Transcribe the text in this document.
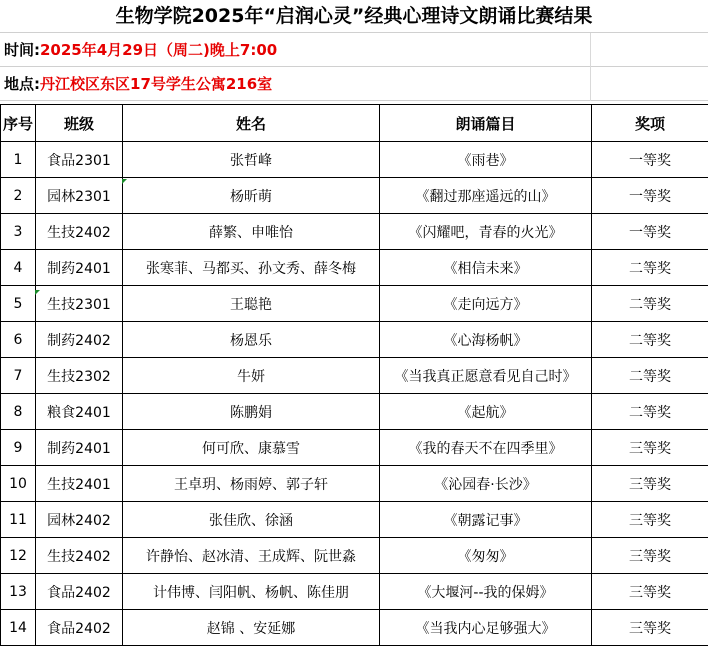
生物学院2025年“启润心灵”经典心理诗文朗诵比赛结果
时间:2025年4月29日（周二)晚上7:00
地点:丹江校区东区17号学生公寓216室
序号	班级	姓名	朗诵篇目	奖项
1	食品2301	张哲峰	《雨巷》	一等奖
2	园林2301	杨昕萌	《翻过那座遥远的山》	一等奖
3	生技2402	薛繁、申唯怡	《闪耀吧，青春的火光》	一等奖
4	制药2401	张寒菲、马都买、孙文秀、薛冬梅	《相信未来》	二等奖
5	生技2301	王聪艳	《走向远方》	二等奖
6	制药2402	杨恩乐	《心海杨帆》	二等奖
7	生技2302	牛妍	《当我真正愿意看见自己时》	二等奖
8	粮食2401	陈鹏娟	《起航》	二等奖
9	制药2401	何可欣、康慕雪	《我的春天不在四季里》	三等奖
10	生技2401	王卓玥、杨雨婷、郭子轩	《沁园春·长沙》	三等奖
11	园林2402	张佳欣、徐涵	《朝露记事》	三等奖
12	生技2402	许静怡、赵冰清、王成辉、阮世淼	《匆匆》	三等奖
13	食品2402	计伟博、闫阳帆、杨帆、陈佳朋	《大堰河--我的保姆》	三等奖
14	食品2402	赵锦 、安延娜	《当我内心足够强大》	三等奖
